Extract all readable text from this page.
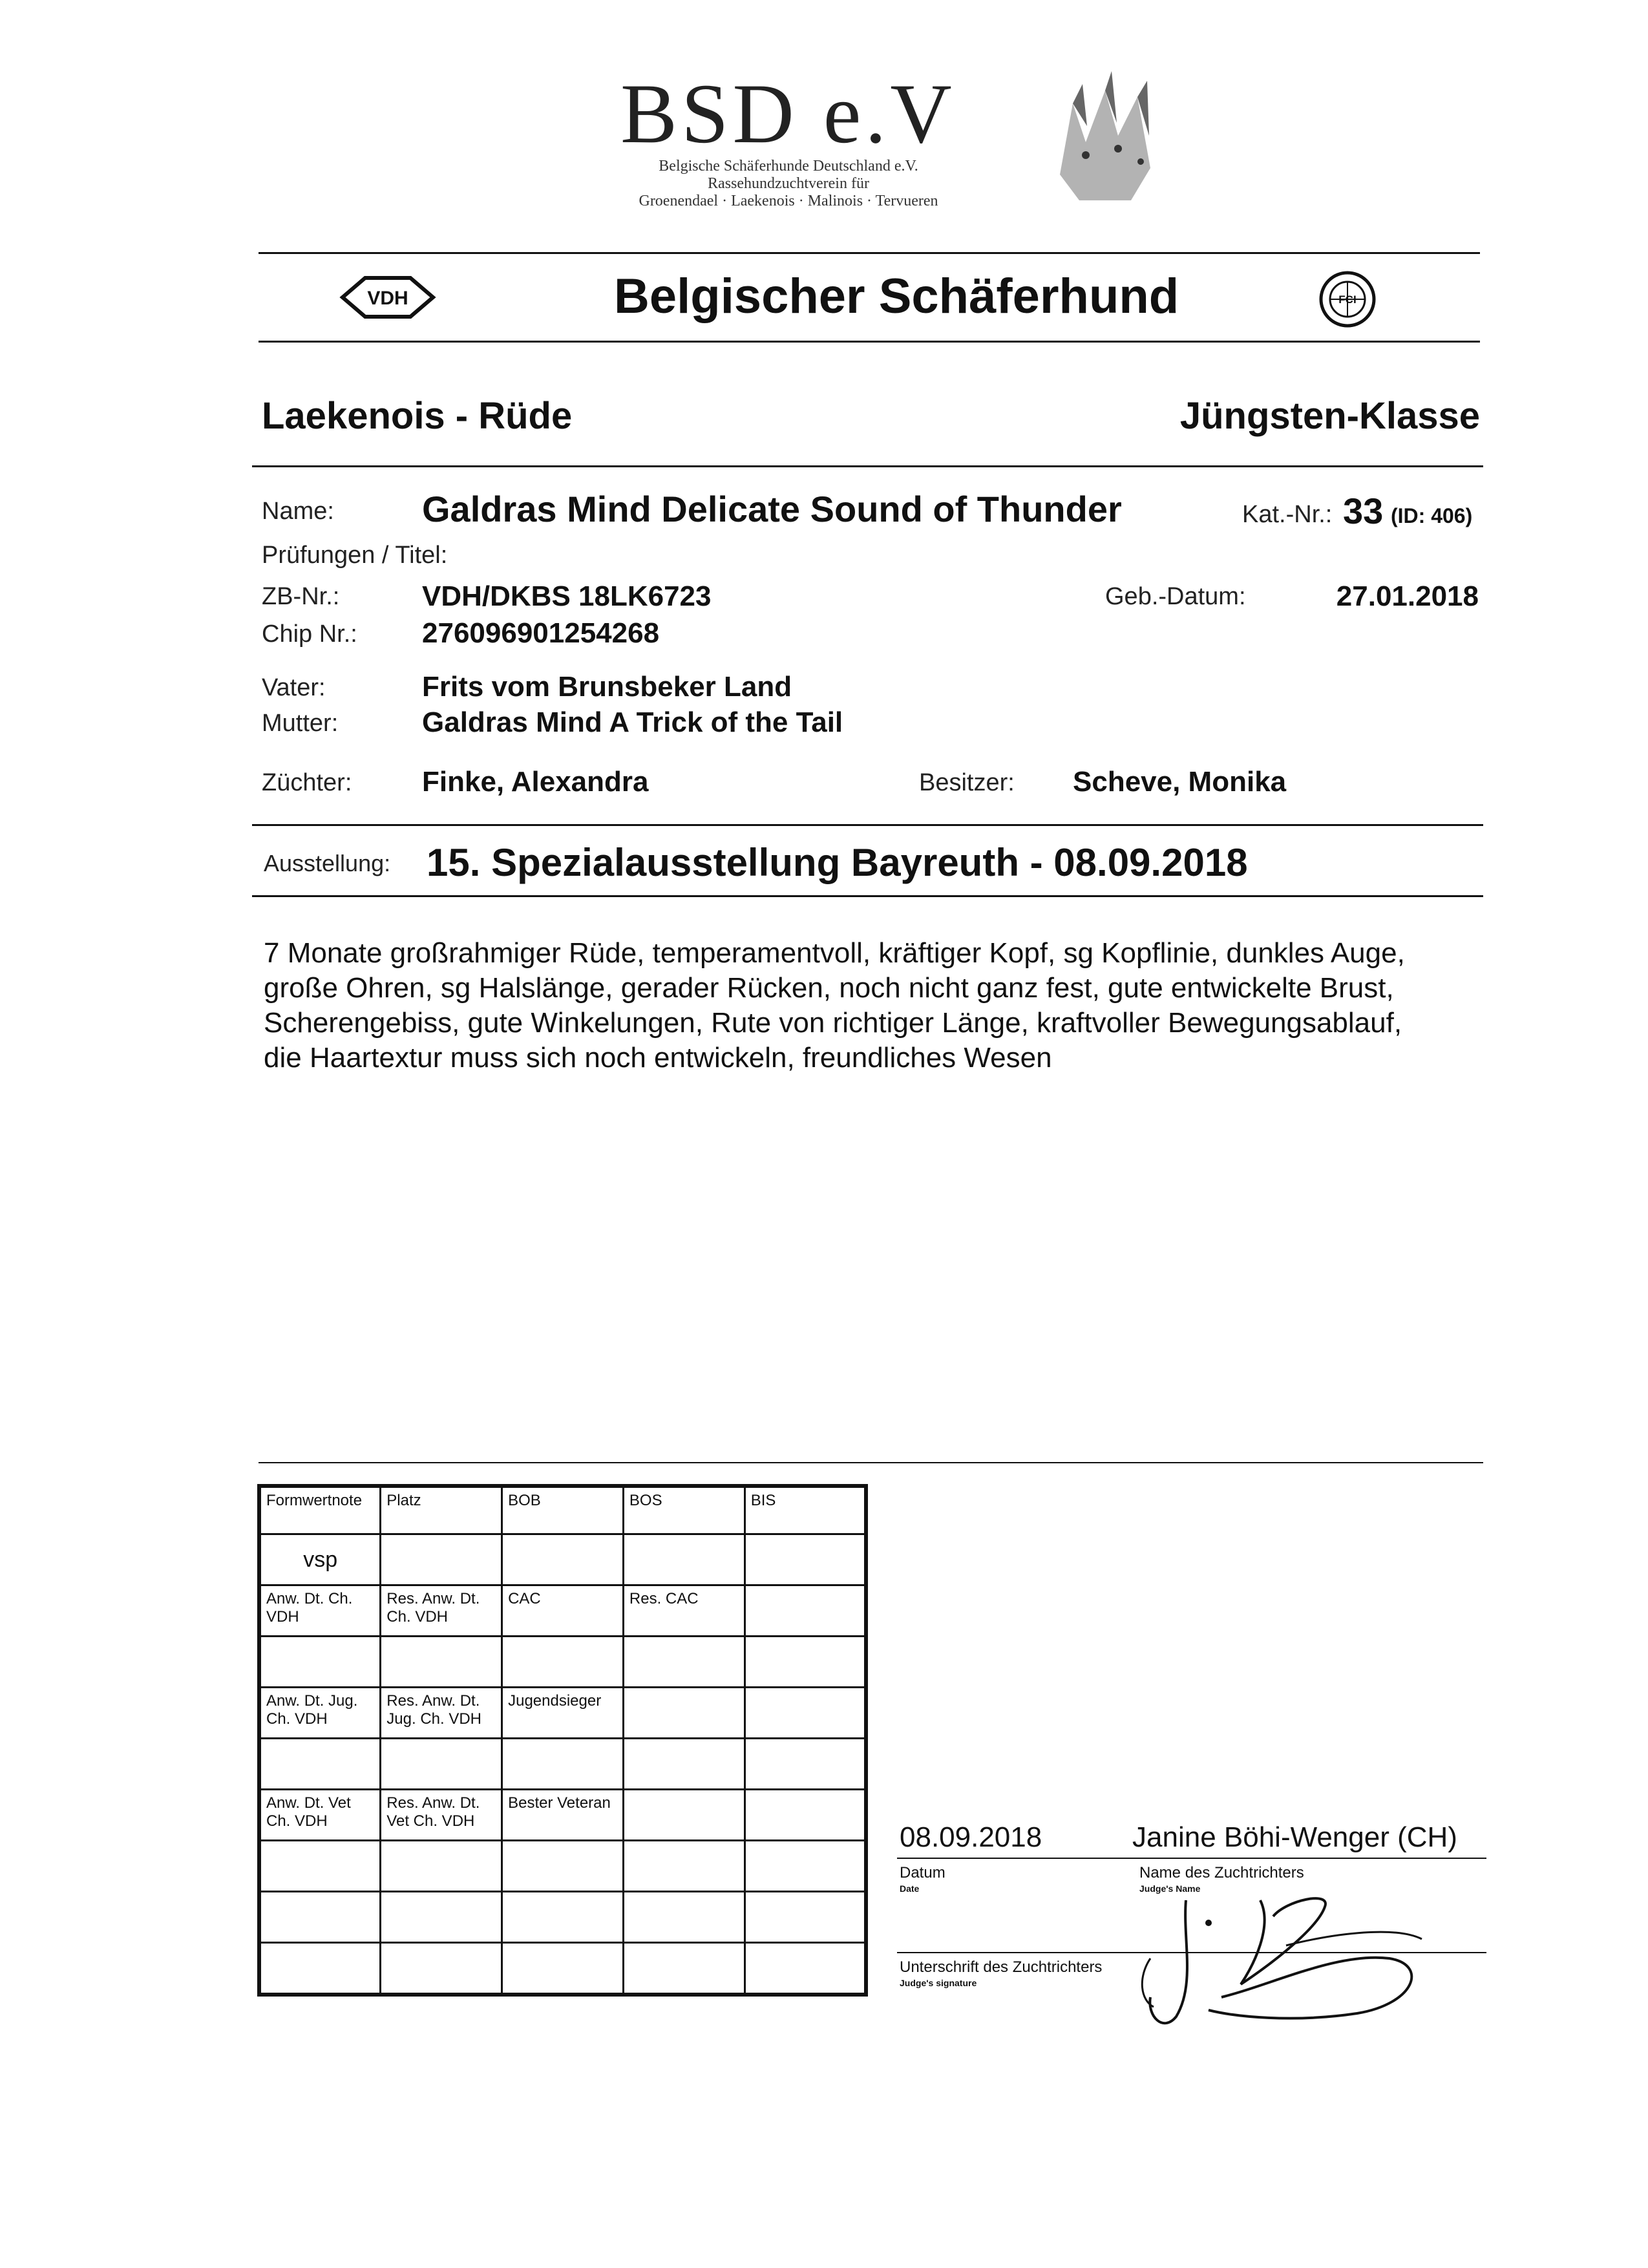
BSD e.V
Belgische Schäferhunde Deutschland e.V.
Rassehundzuchtverein für
Groenendael · Laekenois · Malinois · Tervueren
VDH	Belgischer Schäferhund	FCI
Laekenois - Rüde	Jüngsten-Klasse
Name: Galdras Mind Delicate Sound of Thunder	Kat.-Nr.: 33 (ID: 406)
Prüfungen / Titel:
ZB-Nr.:	VDH/DKBS 18LK6723	Geb.-Datum:	27.01.2018
Chip Nr.: 276096901254268
Vater:	Frits vom Brunsbeker Land
Mutter:	Galdras Mind A Trick of the Tail
Züchter: Finke, Alexandra	Besitzer: Scheve, Monika
Ausstellung: 15. Spezialausstellung Bayreuth - 08.09.2018
7 Monate großrahmiger Rüde, temperamentvoll, kräftiger Kopf, sg Kopflinie, dunkles Auge,
große Ohren, sg Halslänge, gerader Rücken, noch nicht ganz fest, gute entwickelte Brust,
Scherengebiss, gute Winkelungen, Rute von richtiger Länge, kraftvoller Bewegungsablauf,
die Haartextur muss sich noch entwickeln, freundliches Wesen
Formwertnote	Platz	BOB	BOS	BIS
vsp				
Anw. Dt. Ch. VDH	Res. Anw. Dt. Ch. VDH	CAC	Res. CAC	

Anw. Dt. Jug. Ch. VDH	Res. Anw. Dt. Jug. Ch. VDH	Jugendsieger		

Anw. Dt. Vet Ch. VDH	Res. Anw. Dt. Vet Ch. VDH	Bester Veteran		

08.09.2018	Janine Böhi-Wenger (CH)
Datum
Date
Name des Zuchtrichters
Judge's Name
Unterschrift des Zuchtrichters
Judge's signature
